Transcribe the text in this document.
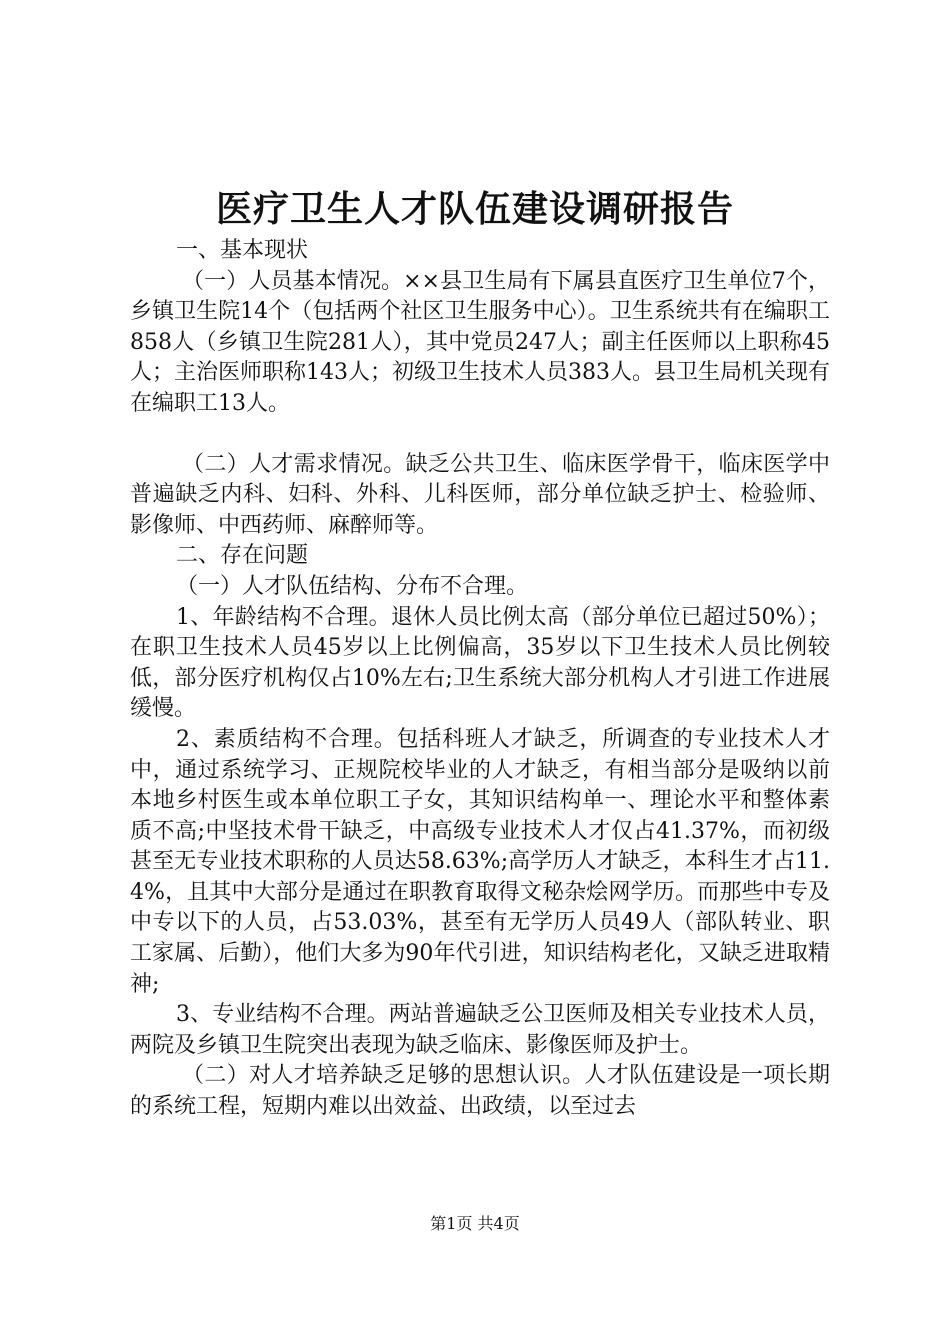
医疗卫生人才队伍建设调研报告

一、基本现状

（一）人员基本情况。××县卫生局有下属县直医疗卫生单位7个，乡镇卫生院14个（包括两个社区卫生服务中心）。卫生系统共有在编职工858人（乡镇卫生院281人），其中党员247人；副主任医师以上职称45人；主治医师职称143人；初级卫生技术人员383人。县卫生局机关现有在编职工13人。

（二）人才需求情况。缺乏公共卫生、临床医学骨干，临床医学中普遍缺乏内科、妇科、外科、儿科医师，部分单位缺乏护士、检验师、影像师、中西药师、麻醉师等。

二、存在问题

（一）人才队伍结构、分布不合理。

1、年龄结构不合理。退休人员比例太高（部分单位已超过50%）；在职卫生技术人员45岁以上比例偏高，35岁以下卫生技术人员比例较低，部分医疗机构仅占10%左右;卫生系统大部分机构人才引进工作进展缓慢。

2、素质结构不合理。包括科班人才缺乏，所调查的专业技术人才中，通过系统学习、正规院校毕业的人才缺乏，有相当部分是吸纳以前本地乡村医生或本单位职工子女，其知识结构单一、理论水平和整体素质不高;中坚技术骨干缺乏，中高级专业技术人才仅占41.37%，而初级甚至无专业技术职称的人员达58.63%;高学历人才缺乏，本科生才占11.4%，且其中大部分是通过在职教育取得文秘杂烩网学历。而那些中专及中专以下的人员，占53.03%，甚至有无学历人员49人（部队转业、职工家属、后勤），他们大多为90年代引进，知识结构老化，又缺乏进取精神;

3、专业结构不合理。两站普遍缺乏公卫医师及相关专业技术人员，两院及乡镇卫生院突出表现为缺乏临床、影像医师及护士。

（二）对人才培养缺乏足够的思想认识。人才队伍建设是一项长期的系统工程，短期内难以出效益、出政绩，以至过去

第1页 共4页
